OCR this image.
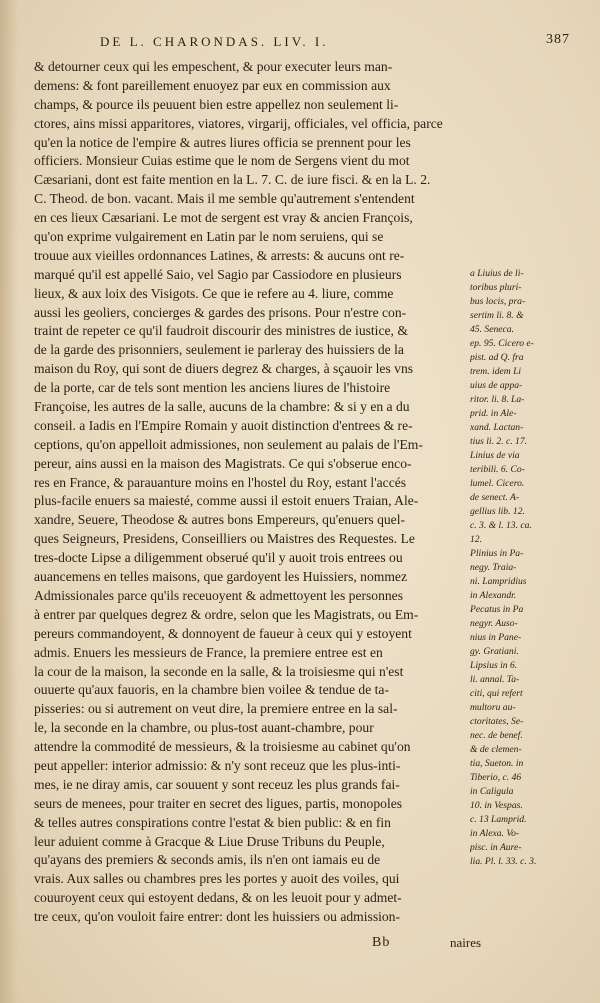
DE L. CHARONDAS. LIV. I.	387
& detourner ceux qui les empeschent, & pour executer leurs man-
demens: & font pareillement enuoyez par eux en commission aux
champs, & pource ils peuuent bien estre appellez non seulement li-
ctores, ains missi apparitores, viatores, virgarij, officiales, vel officia, parce
qu'en la notice de l'empire & autres liures officia se prennent pour les
officiers. Monsieur Cuias estime que le nom de Sergens vient du mot
Cæsariani, dont est faite mention en la L. 7. C. de iure fisci. & en la L. 2.
C. Theod. de bon. vacant. Mais il me semble qu'autrement s'entendent
en ces lieux Cæsariani. Le mot de sergent est vray & ancien François,
qu'on exprime vulgairement en Latin par le nom seruiens, qui se
trouue aux vieilles ordonnances Latines, & arrests: & aucuns ont re-
marqué qu'il est appellé Saio, vel Sagio par Cassiodore en plusieurs
lieux, & aux loix des Visigots. Ce que ie refere au 4. liure, comme
aussi les geoliers, concierges & gardes des prisons. Pour n'estre con-
traint de repeter ce qu'il faudroit discourir des ministres de iustice, &
de la garde des prisonniers, seulement ie parleray des huissiers de la
maison du Roy, qui sont de diuers degrez & charges, à sçauoir les vns
de la porte, car de tels sont mention les anciens liures de l'histoire
Françoise, les autres de la salle, aucuns de la chambre: & si y en a du
conseil. a Iadis en l'Empire Romain y auoit distinction d'entrees & re-
ceptions, qu'on appelloit admissiones, non seulement au palais de l'Em-
pereur, ains aussi en la maison des Magistrats. Ce qui s'obserue enco-
res en France, & parauanture moins en l'hostel du Roy, estant l'accés
plus-facile enuers sa maiesté, comme aussi il estoit enuers Traian, Ale-
xandre, Seuere, Theodose & autres bons Empereurs, qu'enuers quel-
ques Seigneurs, Presidens, Conseilliers ou Maistres des Requestes. Le
tres-docte Lipse a diligemment obserué qu'il y auoit trois entrees ou
auancemens en telles maisons, que gardoyent les Huissiers, nommez
Admissionales parce qu'ils receuoyent & admettoyent les personnes
à entrer par quelques degrez & ordre, selon que les Magistrats, ou Em-
pereurs commandoyent, & donnoyent de faueur à ceux qui y estoyent
admis. Enuers les messieurs de France, la premiere entree est en
la cour de la maison, la seconde en la salle, & la troisiesme qui n'est
ouuerte qu'aux fauoris, en la chambre bien voilee & tendue de ta-
pisseries: ou si autrement on veut dire, la premiere entree en la sal-
le, la seconde en la chambre, ou plus-tost auant-chambre, pour
attendre la commodité de messieurs, & la troisiesme au cabinet qu'on
peut appeller: interior admissio: & n'y sont receuz que les plus-inti-
mes, ie ne diray amis, car souuent y sont receuz les plus grands fai-
seurs de menees, pour traiter en secret des ligues, partis, monopoles
& telles autres conspirations contre l'estat & bien public: & en fin
leur aduient comme à Gracque & Liue Druse Tribuns du Peuple,
qu'ayans des premiers & seconds amis, ils n'en ont iamais eu de
vrais. Aux salles ou chambres pres les portes y auoit des voiles, qui
couuroyent ceux qui estoyent dedans, & on les leuoit pour y admet-
tre ceux, qu'on vouloit faire entrer: dont les huissiers ou admission-
a Liuius de li-
toribus pluri-
bus locis, pra-
sertim li. 8. &
45. Seneca.
ep. 95. Cicero e-
pist. ad Q. fra
trem. idem Li
uius de appa-
ritor. li. 8. La-
prid. in Ale-
xand. Lactan-
tius li. 2. c. 17.
Linius de via
teribili. 6. Co-
lumel. Cicero.
de senect. A-
gellius lib. 12.
c. 3. & l. 13. ca.
12.
Plinius in Pa-
negy. Traia-
ni. Lampridius
in Alexandr.
Pecatus in Pa
negyr. Auso-
nius in Pane-
gy. Gratiani.
Lipsius in 6.
li. annal. Ta-
citi, qui refert
multoru au-
ctoritates, Se-
nec. de benef.
& de clemen-
tia, Sueton. in
Tiberio, c. 46
in Caligula
10. in Vespas.
c. 13 Lamprid.
in Alexa. Vo-
pisc. in Aure-
lia. Pl. l. 33. c. 3.
Bb	naires
